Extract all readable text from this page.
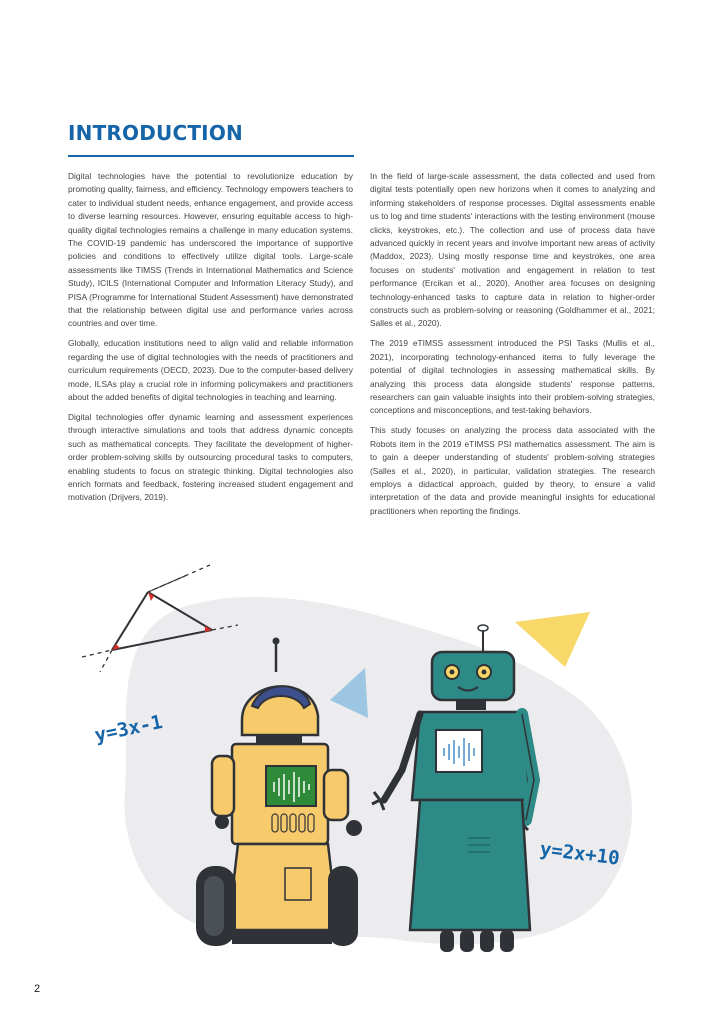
INTRODUCTION

Digital technologies have the potential to revolutionize education by promoting quality, fairness, and efficiency. Technology empowers teachers to cater to individual student needs, enhance engagement, and provide access to diverse learning resources. However, ensuring equitable access to high-quality digital technologies remains a challenge in many education systems. The COVID-19 pandemic has underscored the importance of supportive policies and conditions to effectively utilize digital tools. Large-scale assessments like TIMSS (Trends in International Mathematics and Science Study), ICILS (International Computer and Information Literacy Study), and PISA (Programme for International Student Assessment) have demonstrated that the relationship between digital use and performance varies across countries and over time.

Globally, education institutions need to align valid and reliable information regarding the use of digital technologies with the needs of practitioners and curriculum requirements (OECD, 2023). Due to the computer-based delivery mode, ILSAs play a crucial role in informing policymakers and practitioners about the added benefits of digital technologies in teaching and learning.

Digital technologies offer dynamic learning and assessment experiences through interactive simulations and tools that address dynamic concepts such as mathematical concepts. They facilitate the development of higher-order problem-solving skills by outsourcing procedural tasks to computers, enabling students to focus on strategic thinking. Digital technologies also enrich formats and feedback, fostering increased student engagement and motivation (Drijvers, 2019).

In the field of large-scale assessment, the data collected and used from digital tests potentially open new horizons when it comes to analyzing and informing stakeholders of response processes. Digital assessments enable us to log and time students' interactions with the testing environment (mouse clicks, keystrokes, etc.). The collection and use of process data have advanced quickly in recent years and involve important new areas of activity (Maddox, 2023). Using mostly response time and keystrokes, one area focuses on students' motivation and engagement in relation to test performance (Ercikan et al., 2020). Another area focuses on designing technology-enhanced tasks to capture data in relation to higher-order constructs such as problem-solving or reasoning (Goldhammer et al., 2021; Salles et al., 2020).

The 2019 eTIMSS assessment introduced the PSI Tasks (Mullis et al., 2021), incorporating technology-enhanced items to fully leverage the potential of digital technologies in assessing mathematical skills. By analyzing this process data alongside students' response patterns, researchers can gain valuable insights into their problem-solving strategies, conceptions and misconceptions, and test-taking behaviors.

This study focuses on analyzing the process data associated with the Robots item in the 2019 eTIMSS PSI mathematics assessment. The aim is to gain a deeper understanding of students' problem-solving strategies (Salles et al., 2020), in particular, validation strategies. The research employs a didactical approach, guided by theory, to ensure a valid interpretation of the data and provide meaningful insights for educational practitioners when reporting the findings.

y=3x-1
y=2x+10
2
